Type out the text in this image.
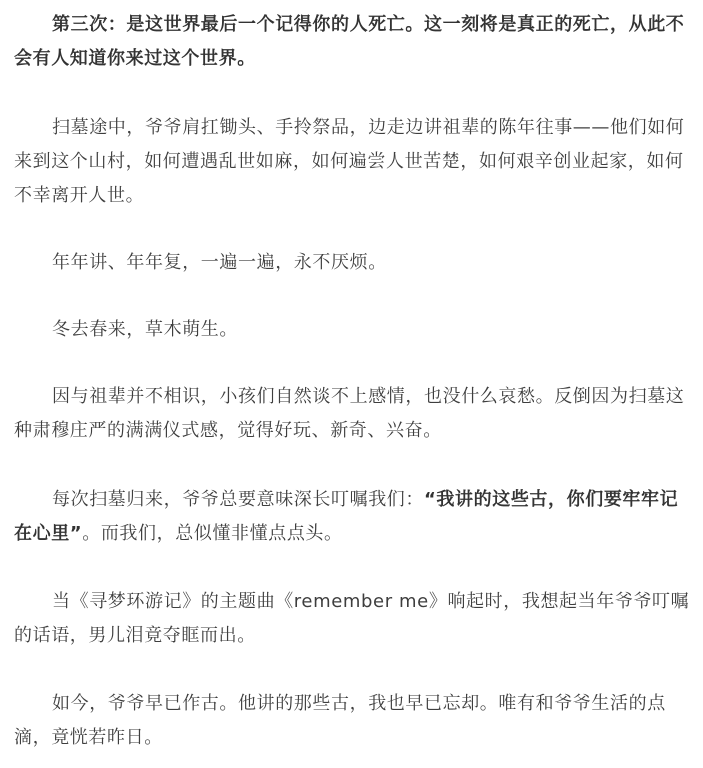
第三次：是这世界最后一个记得你的人死亡。这一刻将是真正的死亡，从此不会有人知道你来过这个世界。

扫墓途中，爷爷肩扛锄头、手拎祭品，边走边讲祖辈的陈年往事——他们如何来到这个山村，如何遭遇乱世如麻，如何遍尝人世苦楚，如何艰辛创业起家，如何不幸离开人世。

年年讲、年年复，一遍一遍，永不厌烦。

冬去春来，草木萌生。

因与祖辈并不相识，小孩们自然谈不上感情，也没什么哀愁。反倒因为扫墓这种肃穆庄严的满满仪式感，觉得好玩、新奇、兴奋。

每次扫墓归来，爷爷总要意味深长叮嘱我们：“我讲的这些古，你们要牢牢记在心里”。而我们，总似懂非懂点点头。

当《寻梦环游记》的主题曲《remember me》响起时，我想起当年爷爷叮嘱的话语，男儿泪竟夺眶而出。

如今，爷爷早已作古。他讲的那些古，我也早已忘却。唯有和爷爷生活的点滴，竟恍若昨日。
